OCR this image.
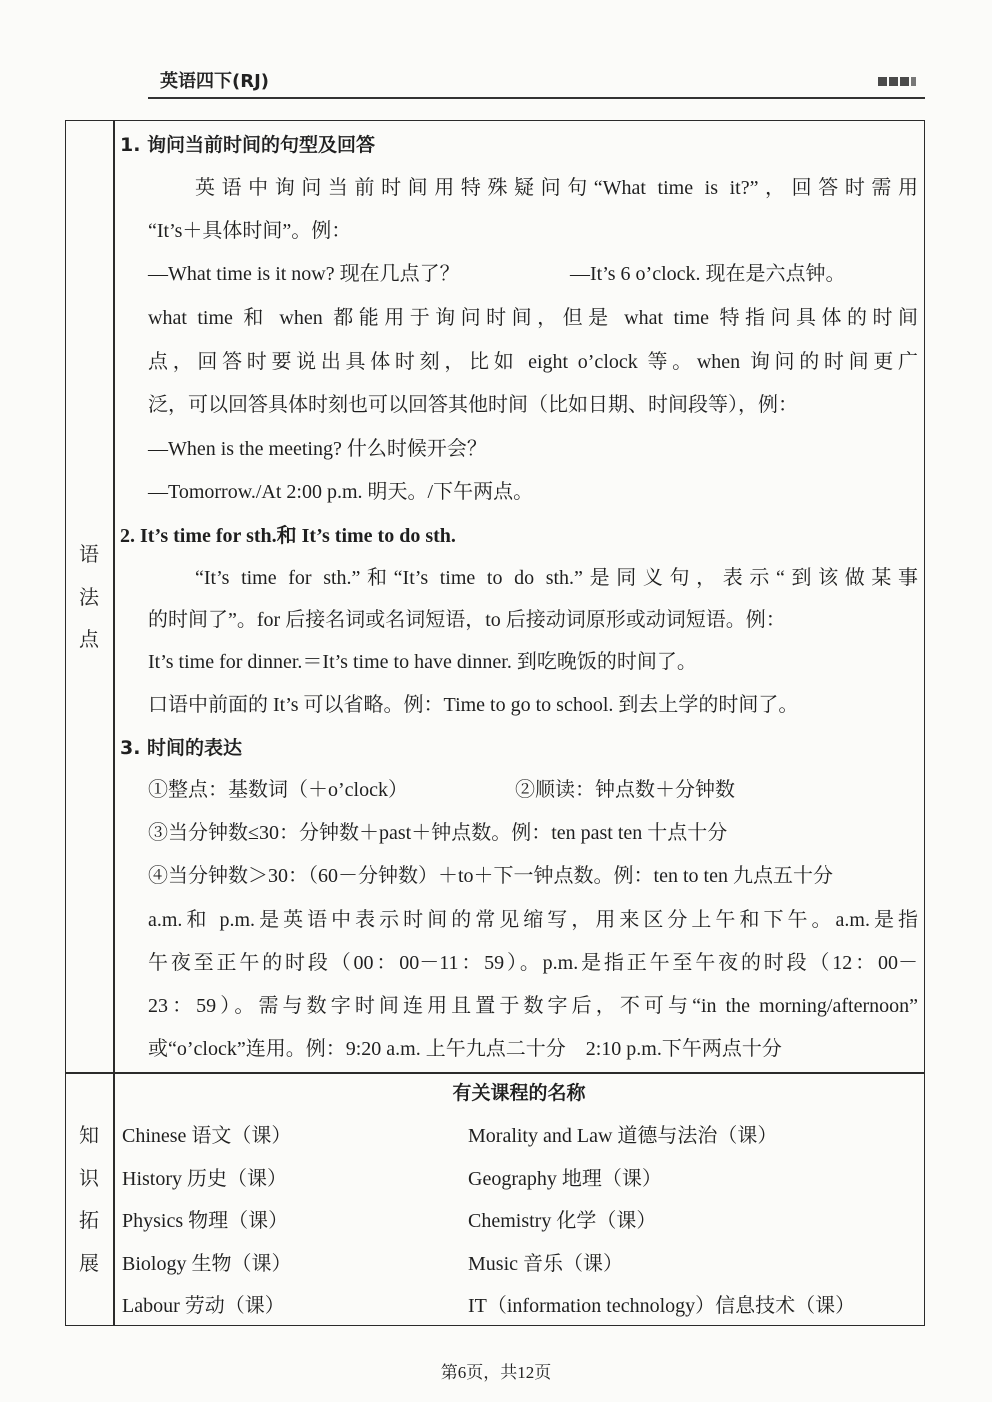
英语四下(RJ)
语
法
点
1. 询问当前时间的句型及回答
英语中询问当前时间用特殊疑问句“What time is it?”，回答时需用
“It’s＋具体时间”。例：
—What time is it now? 现在几点了？	—It’s 6 o’clock. 现在是六点钟。
what time 和 when 都能用于询问时间，但是 what time 特指问具体的时间
点，回答时要说出具体时刻，比如 eight o’clock 等。when 询问的时间更广
泛，可以回答具体时刻也可以回答其他时间（比如日期、时间段等），例：
—When is the meeting? 什么时候开会？
—Tomorrow./At 2:00 p.m. 明天。/下午两点。
2. It’s time for sth.和 It’s time to do sth.
“It’s time for sth.”和“It’s time to do sth.”是同义句，表示“到该做某事
的时间了”。for 后接名词或名词短语，to 后接动词原形或动词短语。例：
It’s time for dinner.＝It’s time to have dinner. 到吃晚饭的时间了。
口语中前面的 It’s 可以省略。例：Time to go to school. 到去上学的时间了。
3. 时间的表达
①整点：基数词（＋o’clock）	②顺读：钟点数＋分钟数
③当分钟数≤30：分钟数＋past＋钟点数。例：ten past ten 十点十分
④当分钟数＞30：（60－分钟数）＋to＋下一钟点数。例：ten to ten 九点五十分
a.m.和 p.m.是英语中表示时间的常见缩写，用来区分上午和下午。a.m.是指
午夜至正午的时段（00：00－11：59）。p.m.是指正午至午夜的时段（12：00－
23：59）。需与数字时间连用且置于数字后，不可与“in the morning/afternoon”
或“o’clock”连用。例：9:20 a.m. 上午九点二十分　2:10 p.m.下午两点十分
有关课程的名称
知
识
拓
展
Chinese 语文（课）	Morality and Law 道德与法治（课）
History 历史（课）	Geography 地理（课）
Physics 物理（课）	Chemistry 化学（课）
Biology 生物（课）	Music 音乐（课）
Labour 劳动（课）	IT（information technology）信息技术（课）
第6页，共12页
